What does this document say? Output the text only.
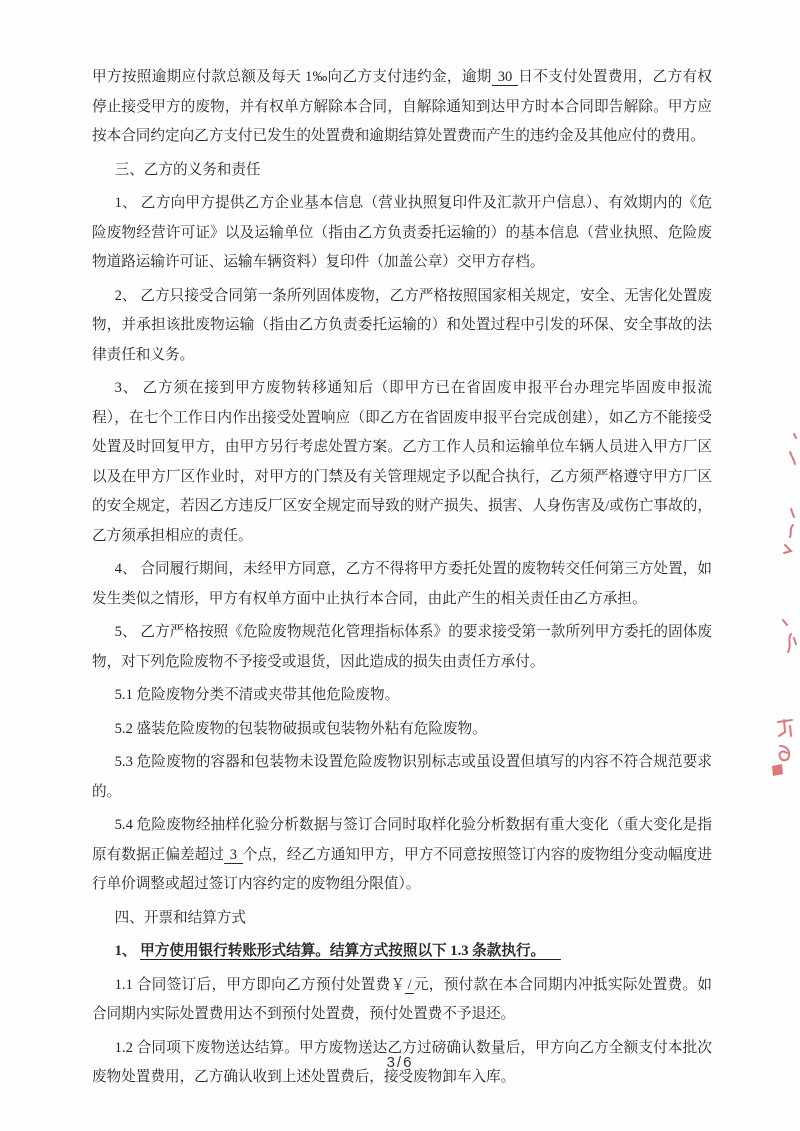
甲方按照逾期应付款总额及每天 1‰向乙方支付违约金，逾期 30 日不支付处置费用，乙方有权停止接受甲方的废物，并有权单方解除本合同，自解除通知到达甲方时本合同即告解除。甲方应按本合同约定向乙方支付已发生的处置费和逾期结算处置费而产生的违约金及其他应付的费用。

三、乙方的义务和责任

1、 乙方向甲方提供乙方企业基本信息（营业执照复印件及汇款开户信息）、有效期内的《危险废物经营许可证》以及运输单位（指由乙方负责委托运输的）的基本信息（营业执照、危险废物道路运输许可证、运输车辆资料）复印件（加盖公章）交甲方存档。

2、 乙方只接受合同第一条所列固体废物，乙方严格按照国家相关规定，安全、无害化处置废物，并承担该批废物运输（指由乙方负责委托运输的）和处置过程中引发的环保、安全事故的法律责任和义务。

3、 乙方须在接到甲方废物转移通知后（即甲方已在省固废申报平台办理完毕固废申报流程），在七个工作日内作出接受处置响应（即乙方在省固废申报平台完成创建），如乙方不能接受处置及时回复甲方，由甲方另行考虑处置方案。乙方工作人员和运输单位车辆人员进入甲方厂区以及在甲方厂区作业时，对甲方的门禁及有关管理规定予以配合执行，乙方须严格遵守甲方厂区的安全规定，若因乙方违反厂区安全规定而导致的财产损失、损害、人身伤害及/或伤亡事故的，乙方须承担相应的责任。

4、 合同履行期间，未经甲方同意，乙方不得将甲方委托处置的废物转交任何第三方处置，如发生类似之情形，甲方有权单方面中止执行本合同，由此产生的相关责任由乙方承担。

5、 乙方严格按照《危险废物规范化管理指标体系》的要求接受第一款所列甲方委托的固体废物，对下列危险废物不予接受或退货，因此造成的损失由责任方承付。

5.1 危险废物分类不清或夹带其他危险废物。

5.2 盛装危险废物的包装物破损或包装物外粘有危险废物。

5.3 危险废物的容器和包装物未设置危险废物识别标志或虽设置但填写的内容不符合规范要求的。

5.4 危险废物经抽样化验分析数据与签订合同时取样化验分析数据有重大变化（重大变化是指原有数据正偏差超过 3 个点，经乙方通知甲方，甲方不同意按照签订内容的废物组分变动幅度进行单价调整或超过签订内容约定的废物组分限值）。

四、开票和结算方式

1、 甲方使用银行转账形式结算。结算方式按照以下 1.3 条款执行。

1.1 合同签订后，甲方即向乙方预付处置费￥ / 元，预付款在本合同期内冲抵实际处置费。如合同期内实际处置费用达不到预付处置费，预付处置费不予退还。

1.2 合同项下废物送达结算。甲方废物送达乙方过磅确认数量后，甲方向乙方全额支付本批次废物处置费用，乙方确认收到上述处置费后，接受废物卸车入库。

3/6
